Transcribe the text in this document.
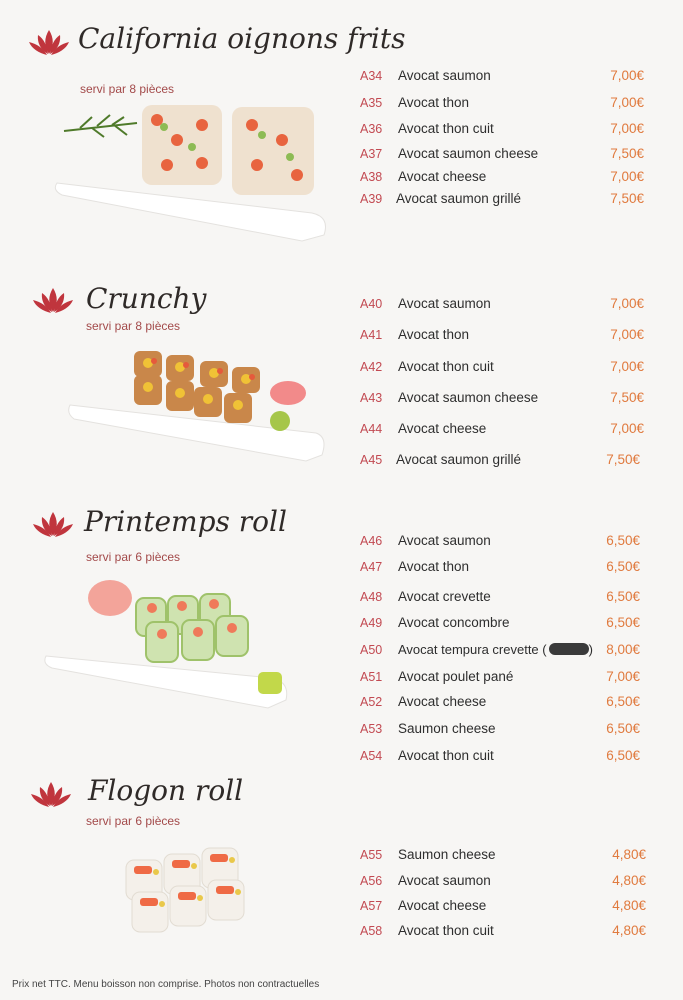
California oignons frits
servi par 8 pièces
A34 Avocat saumon	7,00€
A35 Avocat thon	7,00€
A36 Avocat thon cuit	7,00€
A37 Avocat saumon cheese	7,50€
A38 Avocat cheese	7,00€
A39 Avocat saumon grillé	7,50€
Crunchy
servi par 8 pièces
A40 Avocat saumon	7,00€
A41 Avocat thon	7,00€
A42 Avocat thon cuit	7,00€
A43 Avocat saumon cheese	7,50€
A44 Avocat cheese	7,00€
A45 Avocat saumon grillé	7,50€
Printemps roll
servi par 6 pièces
A46 Avocat saumon	6,50€
A47 Avocat thon	6,50€
A48 Avocat crevette	6,50€
A49 Avocat concombre	6,50€
A50 Avocat tempura crevette (	) 8,00€
A51 Avocat poulet pané	7,00€
A52 Avocat cheese	6,50€
A53 Saumon cheese	6,50€
A54 Avocat thon cuit	6,50€
Flogon roll
servi par 6 pièces
A55 Saumon cheese	4,80€
A56 Avocat saumon	4,80€
A57 Avocat cheese	4,80€
A58 Avocat thon cuit	4,80€
Prix net TTC. Menu boisson non comprise. Photos non contractuelles
